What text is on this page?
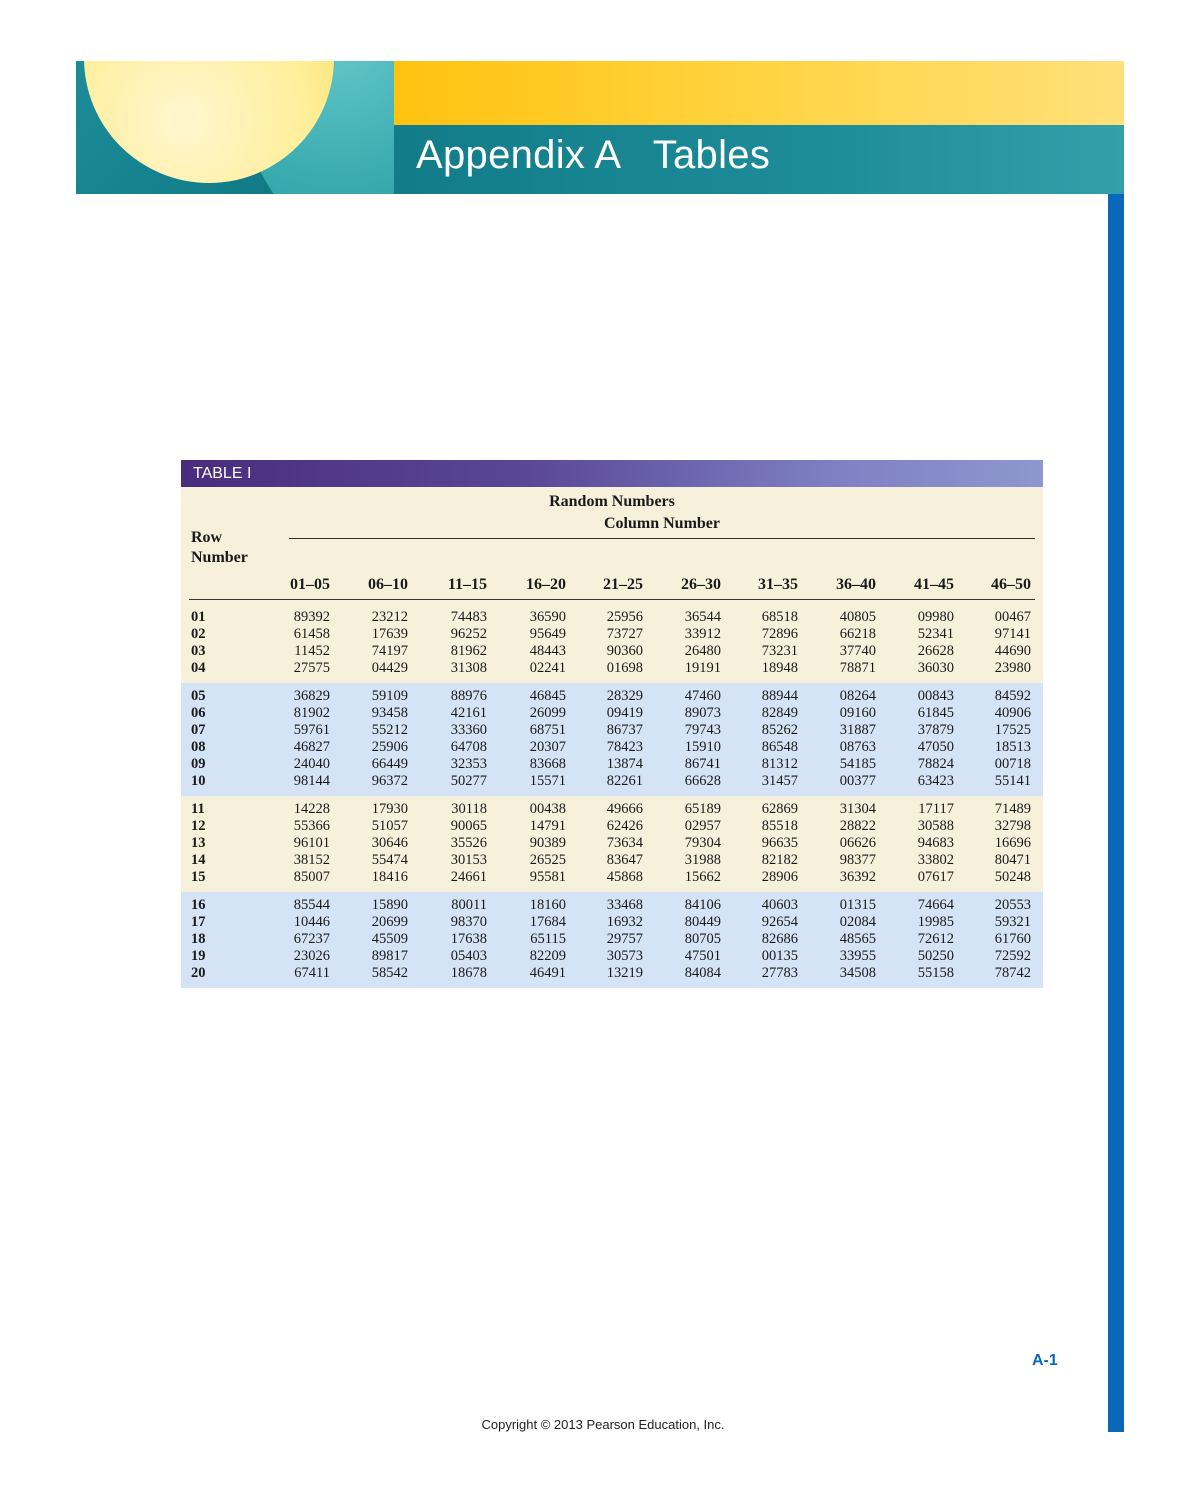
Appendix A   Tables
TABLE I
Random Numbers
Column Number
Row
Number
01–05	06–10	11–15	16–20	21–25	26–30	31–35	36–40	41–45	46–50
01	89392	23212	74483	36590	25956	36544	68518	40805	09980	00467
02	61458	17639	96252	95649	73727	33912	72896	66218	52341	97141
03	11452	74197	81962	48443	90360	26480	73231	37740	26628	44690
04	27575	04429	31308	02241	01698	19191	18948	78871	36030	23980
05	36829	59109	88976	46845	28329	47460	88944	08264	00843	84592
06	81902	93458	42161	26099	09419	89073	82849	09160	61845	40906
07	59761	55212	33360	68751	86737	79743	85262	31887	37879	17525
08	46827	25906	64708	20307	78423	15910	86548	08763	47050	18513
09	24040	66449	32353	83668	13874	86741	81312	54185	78824	00718
10	98144	96372	50277	15571	82261	66628	31457	00377	63423	55141
11	14228	17930	30118	00438	49666	65189	62869	31304	17117	71489
12	55366	51057	90065	14791	62426	02957	85518	28822	30588	32798
13	96101	30646	35526	90389	73634	79304	96635	06626	94683	16696
14	38152	55474	30153	26525	83647	31988	82182	98377	33802	80471
15	85007	18416	24661	95581	45868	15662	28906	36392	07617	50248
16	85544	15890	80011	18160	33468	84106	40603	01315	74664	20553
17	10446	20699	98370	17684	16932	80449	92654	02084	19985	59321
18	67237	45509	17638	65115	29757	80705	82686	48565	72612	61760
19	23026	89817	05403	82209	30573	47501	00135	33955	50250	72592
20	67411	58542	18678	46491	13219	84084	27783	34508	55158	78742

A-1

Copyright © 2013 Pearson Education, Inc.
